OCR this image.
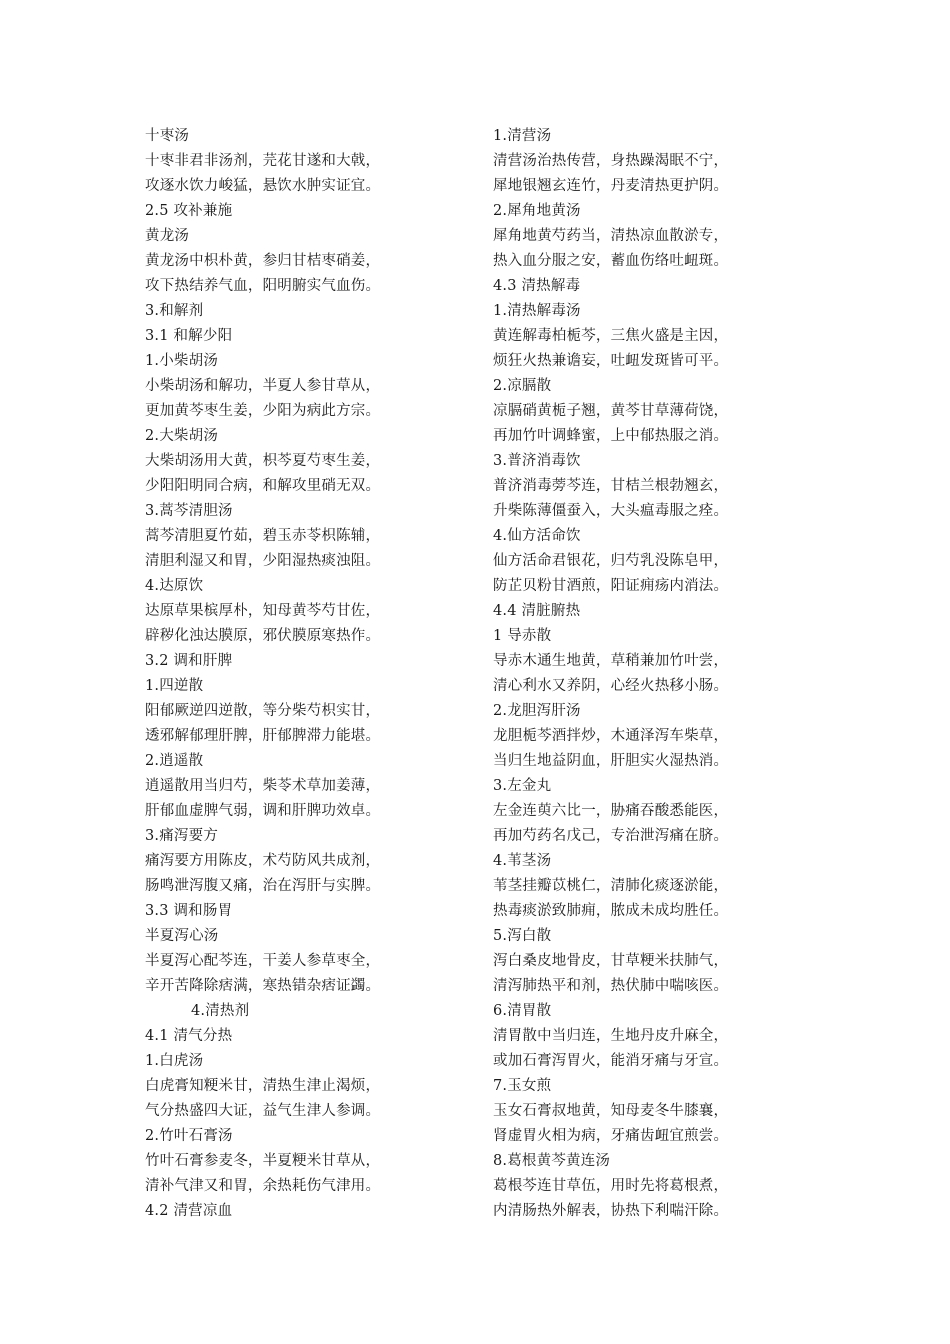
十枣汤
十枣非君非汤剂，芫花甘遂和大戟，
攻逐水饮力峻猛，悬饮水肿实证宜。
2.5 攻补兼施
黄龙汤
黄龙汤中枳朴黄，参归甘桔枣硝姜，
攻下热结养气血，阳明腑实气血伤。
3.和解剂
3.1 和解少阳
1.小柴胡汤
小柴胡汤和解功，半夏人参甘草从，
更加黄芩枣生姜，少阳为病此方宗。
2.大柴胡汤
大柴胡汤用大黄，枳芩夏芍枣生姜，
少阳阳明同合病，和解攻里硝无双。
3.蒿芩清胆汤
蒿芩清胆夏竹茹，碧玉赤苓枳陈辅，
清胆利湿又和胃，少阳湿热痰浊阻。
4.达原饮
达原草果槟厚朴，知母黄芩芍甘佐，
辟秽化浊达膜原，邪伏膜原寒热作。
3.2 调和肝脾
1.四逆散
阳郁厥逆四逆散，等分柴芍枳实甘，
透邪解郁理肝脾，肝郁脾滞力能堪。
2.逍遥散
逍遥散用当归芍，柴苓术草加姜薄，
肝郁血虚脾气弱，调和肝脾功效卓。
3.痛泻要方
痛泻要方用陈皮，术芍防风共成剂，
肠鸣泄泻腹又痛，治在泻肝与实脾。
3.3 调和肠胃
半夏泻心汤
半夏泻心配芩连，干姜人参草枣全，
辛开苦降除痞满，寒热错杂痞证蠲。
4.清热剂
4.1 清气分热
1.白虎汤
白虎膏知粳米甘，清热生津止渴烦，
气分热盛四大证，益气生津人参调。
2.竹叶石膏汤
竹叶石膏参麦冬，半夏粳米甘草从，
清补气津又和胃，余热耗伤气津用。
4.2 清营凉血
1.清营汤
清营汤治热传营，身热躁渴眠不宁，
犀地银翘玄连竹，丹麦清热更护阴。
2.犀角地黄汤
犀角地黄芍药当，清热凉血散淤专，
热入血分服之安，蓄血伤络吐衄斑。
4.3 清热解毒
1.清热解毒汤
黄连解毒柏栀芩，三焦火盛是主因，
烦狂火热兼谵妄，吐衄发斑皆可平。
2.凉膈散
凉膈硝黄栀子翘，黄芩甘草薄荷饶，
再加竹叶调蜂蜜，上中郁热服之消。
3.普济消毒饮
普济消毒蒡芩连，甘桔兰根勃翘玄，
升柴陈薄僵蚕入，大头瘟毒服之痊。
4.仙方活命饮
仙方活命君银花，归芍乳没陈皂甲，
防芷贝粉甘酒煎，阳证痈疡内消法。
4.4 清脏腑热
1 导赤散
导赤木通生地黄，草稍兼加竹叶尝，
清心利水又养阴，心经火热移小肠。
2.龙胆泻肝汤
龙胆栀芩酒拌炒，木通泽泻车柴草，
当归生地益阴血，肝胆实火湿热消。
3.左金丸
左金连萸六比一，胁痛吞酸悉能医，
再加芍药名戊己，专治泄泻痛在脐。
4.苇茎汤
苇茎挂瓣苡桃仁，清肺化痰逐淤能，
热毒痰淤致肺痈，脓成未成均胜任。
5.泻白散
泻白桑皮地骨皮，甘草粳米扶肺气，
清泻肺热平和剂，热伏肺中喘咳医。
6.清胃散
清胃散中当归连，生地丹皮升麻全，
或加石膏泻胃火，能消牙痛与牙宣。
7.玉女煎
玉女石膏叔地黄，知母麦冬牛膝襄，
肾虚胃火相为病，牙痛齿衄宜煎尝。
8.葛根黄芩黄连汤
葛根芩连甘草伍，用时先将葛根煮，
内清肠热外解表，协热下利喘汗除。
